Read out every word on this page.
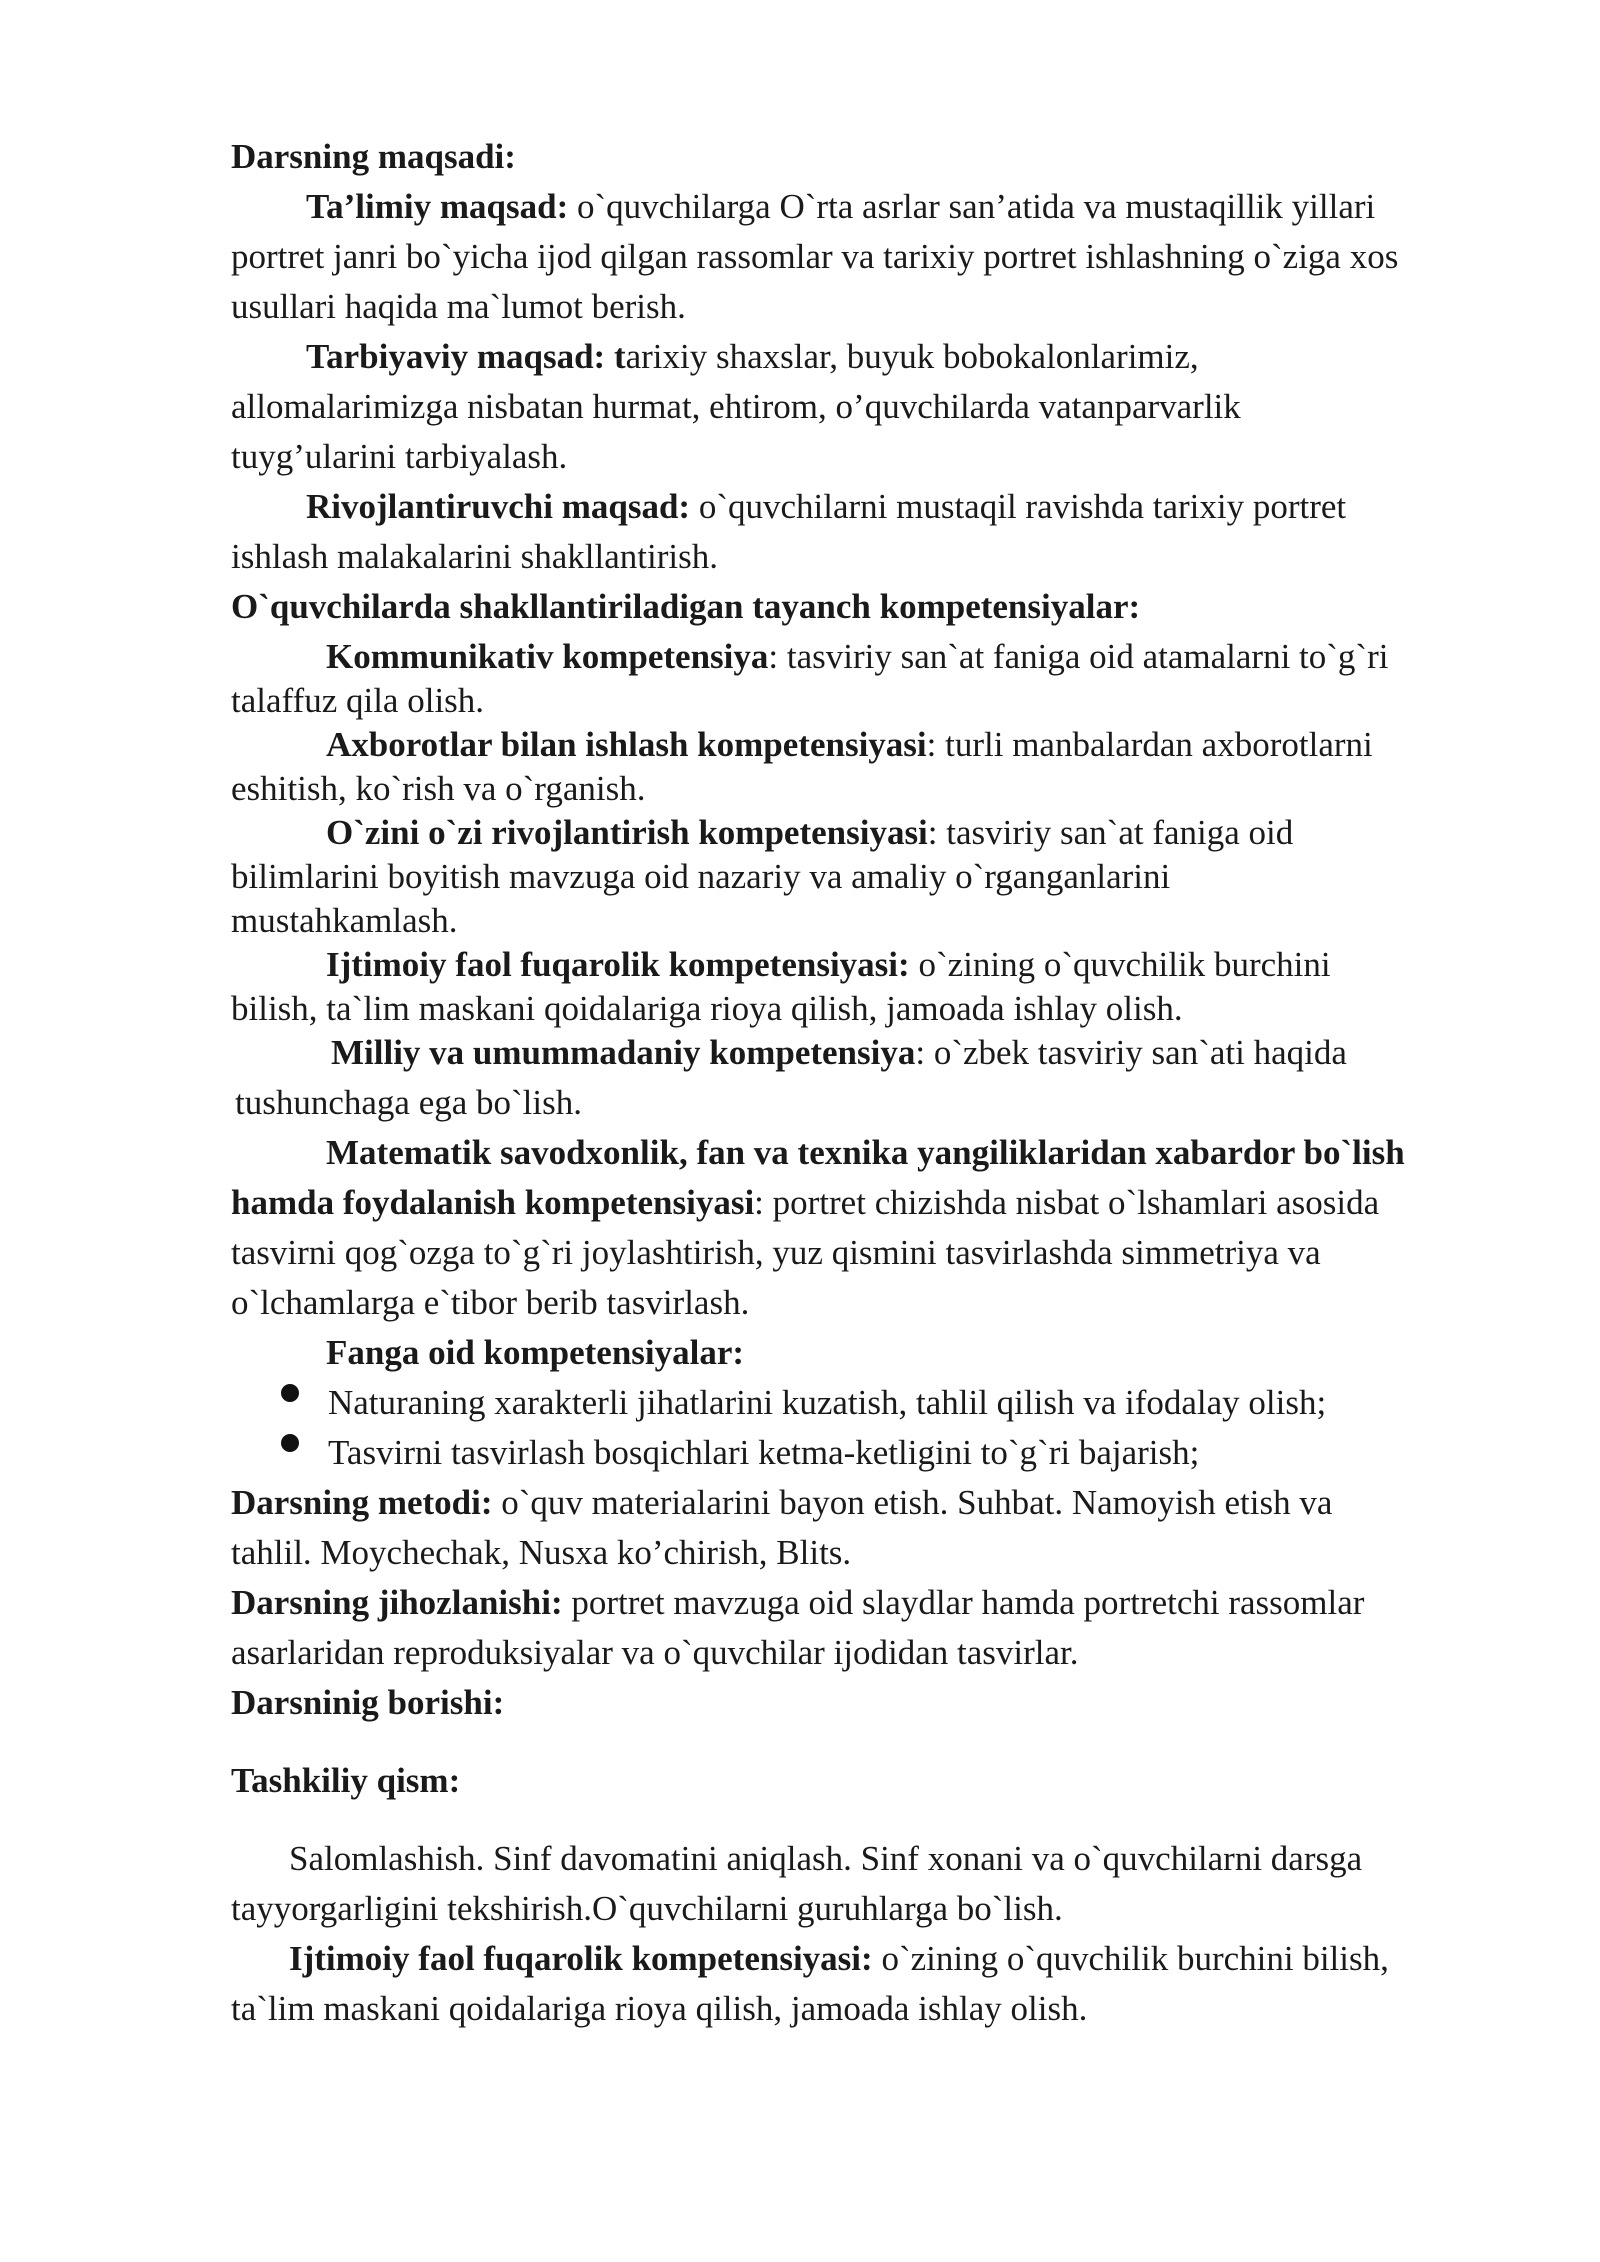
Darsning maqsadi:
Ta’limiy maqsad: o`quvchilarga O`rta asrlar san’atida va mustaqillik yillari
portret janri bo`yicha ijod qilgan rassomlar va tarixiy portret ishlashning o`ziga xos
usullari haqida ma`lumot berish.
Tarbiyaviy maqsad: tarixiy shaxslar, buyuk bobokalonlarimiz,
allomalarimizga nisbatan hurmat, ehtirom, o’quvchilarda vatanparvarlik
tuyg’ularini tarbiyalash.
Rivojlantiruvchi maqsad: o`quvchilarni mustaqil ravishda tarixiy portret
ishlash malakalarini shakllantirish.
O`quvchilarda shakllantiriladigan tayanch kompetensiyalar:
Kommunikativ kompetensiya: tasviriy san`at faniga oid atamalarni to`g`ri
talaffuz qila olish.
Axborotlar bilan ishlash kompetensiyasi: turli manbalardan axborotlarni
eshitish, ko`rish va o`rganish.
O`zini o`zi rivojlantirish kompetensiyasi: tasviriy san`at faniga oid
bilimlarini boyitish mavzuga oid nazariy va amaliy o`rganganlarini
mustahkamlash.
Ijtimoiy faol fuqarolik kompetensiyasi: o`zining o`quvchilik burchini
bilish, ta`lim maskani qoidalariga rioya qilish, jamoada ishlay olish.
Milliy va umummadaniy kompetensiya: o`zbek tasviriy san`ati haqida
tushunchaga ega bo`lish.
Matematik savodxonlik, fan va texnika yangiliklaridan xabardor bo`lish
hamda foydalanish kompetensiyasi: portret chizishda nisbat o`lshamlari asosida
tasvirni qog`ozga to`g`ri joylashtirish, yuz qismini tasvirlashda simmetriya va
o`lchamlarga e`tibor berib tasvirlash.
Fanga oid kompetensiyalar:
Naturaning xarakterli jihatlarini kuzatish, tahlil qilish va ifodalay olish;
Tasvirni tasvirlash bosqichlari ketma-ketligini to`g`ri bajarish;
Darsning metodi: o`quv materialarini bayon etish. Suhbat. Namoyish etish va
tahlil. Moychechak, Nusxa ko’chirish, Blits.
Darsning jihozlanishi: portret mavzuga oid slaydlar hamda portretchi rassomlar
asarlaridan reproduksiyalar va o`quvchilar ijodidan tasvirlar.
Darsninig borishi:
Tashkiliy qism:
Salomlashish. Sinf davomatini aniqlash. Sinf xonani va o`quvchilarni darsga
tayyorgarligini tekshirish.O`quvchilarni guruhlarga bo`lish.
Ijtimoiy faol fuqarolik kompetensiyasi: o`zining o`quvchilik burchini bilish,
ta`lim maskani qoidalariga rioya qilish, jamoada ishlay olish.
